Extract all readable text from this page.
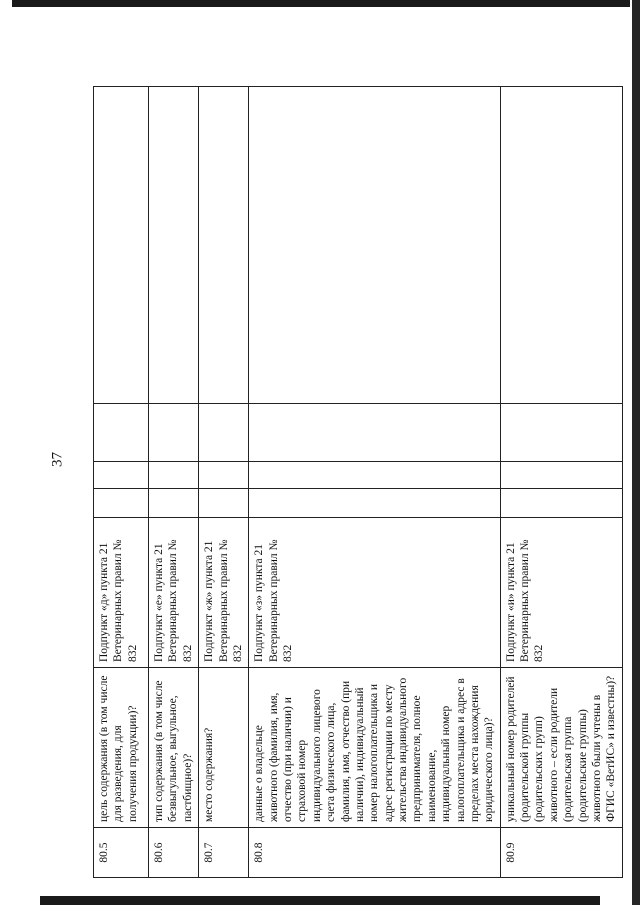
37
80.5	цель содержания (в том числе для разведения, для получения продукции)?	Подпункт «д» пункта 21 Ветеринарных правил № 832				
80.6	тип содержания (в том числе безвыгульное, выгульное, пастбищное)?	Подпункт «е» пункта 21 Ветеринарных правил № 832				
80.7	место содержания?	Подпункт «ж» пункта 21 Ветеринарных правил № 832				
80.8	данные о владельце животного (фамилия, имя, отчество (при наличии) и страховой номер индивидуального лицевого счета физического лица, фамилия, имя, отчество (при наличии), индивидуальный номер налогоплательщика и адрес регистрации по месту жительства индивидуального предпринимателя, полное наименование, индивидуальный номер налогоплательщика и адрес в пределах места нахождения юридического лица)?	Подпункт «з» пункта 21 Ветеринарных правил № 832				
80.9	уникальный номер родителей (родительской группы (родительских групп) животного – если родители (родительская группа (родительские группы) животного были учтены в ФГИС «ВетИС» и известны)?	Подпункт «и» пункта 21 Ветеринарных правил № 832				
